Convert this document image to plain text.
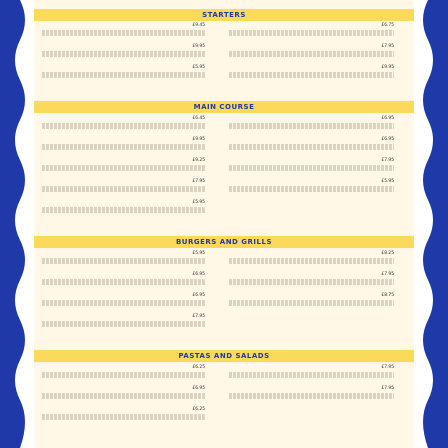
STARTERS
£9.45	£6.75
£9.95	£7.95
£5.95	£9.95
MAIN COURSE
£6.45	£6.95
£9.95	£6.95
£9.25	£7.95
£7.95	£5.95
£5.95
BURGERS AND GRILLS
£5.95	£8.25
£6.95	£7.95
£6.95	£8.75
£7.95
PASTAS AND SALADS
£6.25	£7.95
£6.95	£7.95
£6.25
